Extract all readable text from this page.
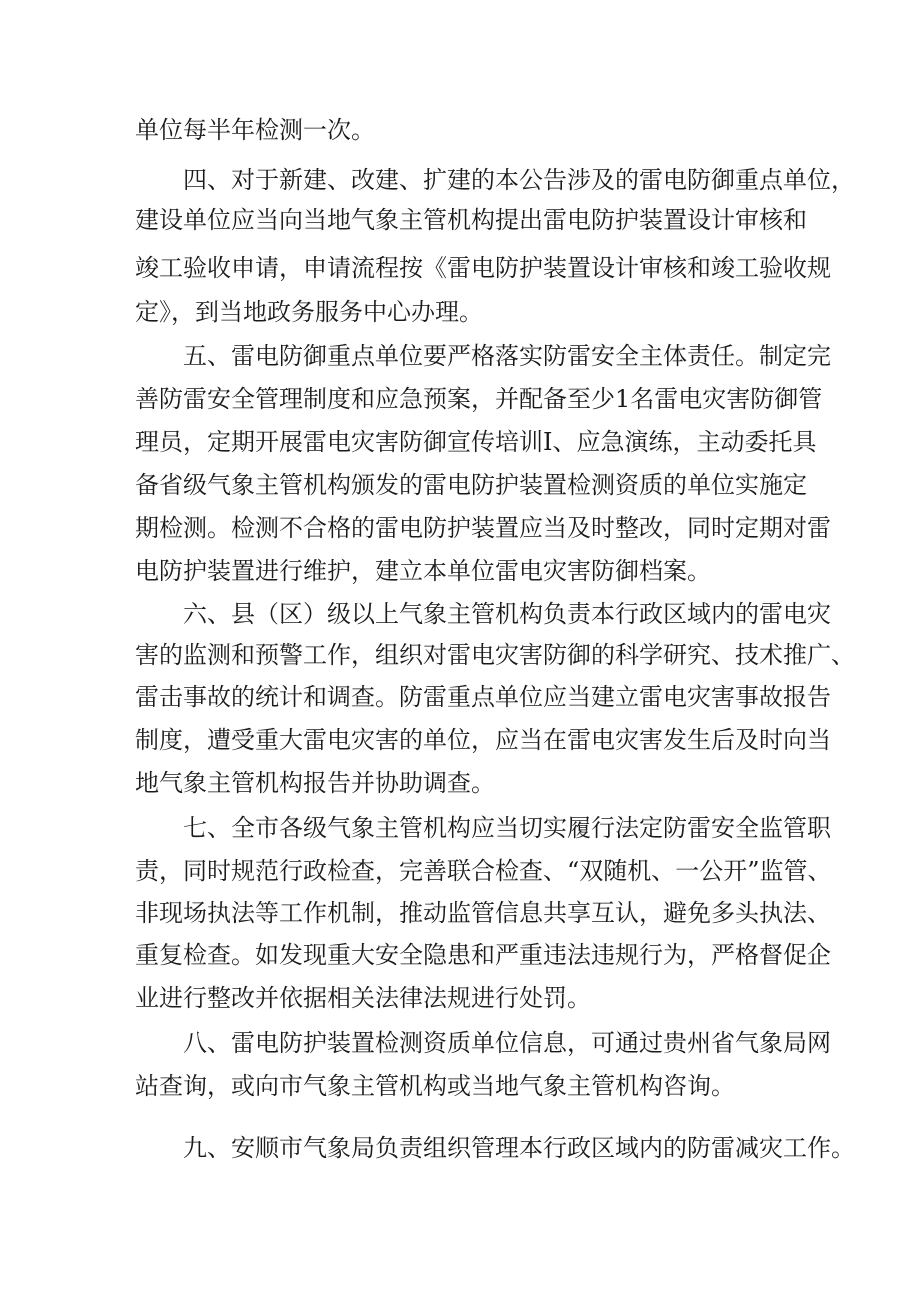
单位每半年检测一次。
四、对于新建、改建、扩建的本公告涉及的雷电防御重点单位，
建设单位应当向当地气象主管机构提出雷电防护装置设计审核和
竣工验收申请，申请流程按《雷电防护装置设计审核和竣工验收规
定》，到当地政务服务中心办理。
五、雷电防御重点单位要严格落实防雷安全主体责任。制定完
善防雷安全管理制度和应急预案，并配备至少1名雷电灾害防御管
理员，定期开展雷电灾害防御宣传培训I、应急演练，主动委托具
备省级气象主管机构颁发的雷电防护装置检测资质的单位实施定
期检测。检测不合格的雷电防护装置应当及时整改，同时定期对雷
电防护装置进行维护，建立本单位雷电灾害防御档案。
六、县（区）级以上气象主管机构负责本行政区域内的雷电灾
害的监测和预警工作，组织对雷电灾害防御的科学研究、技术推广、
雷击事故的统计和调查。防雷重点单位应当建立雷电灾害事故报告
制度，遭受重大雷电灾害的单位，应当在雷电灾害发生后及时向当
地气象主管机构报告并协助调查。
七、全市各级气象主管机构应当切实履行法定防雷安全监管职
责，同时规范行政检查，完善联合检查、“双随机、一公开”监管、
非现场执法等工作机制，推动监管信息共享互认，避免多头执法、
重复检查。如发现重大安全隐患和严重违法违规行为，严格督促企
业进行整改并依据相关法律法规进行处罚。
八、雷电防护装置检测资质单位信息，可通过贵州省气象局网
站查询，或向市气象主管机构或当地气象主管机构咨询。
九、安顺市气象局负责组织管理本行政区域内的防雷减灾工作。
